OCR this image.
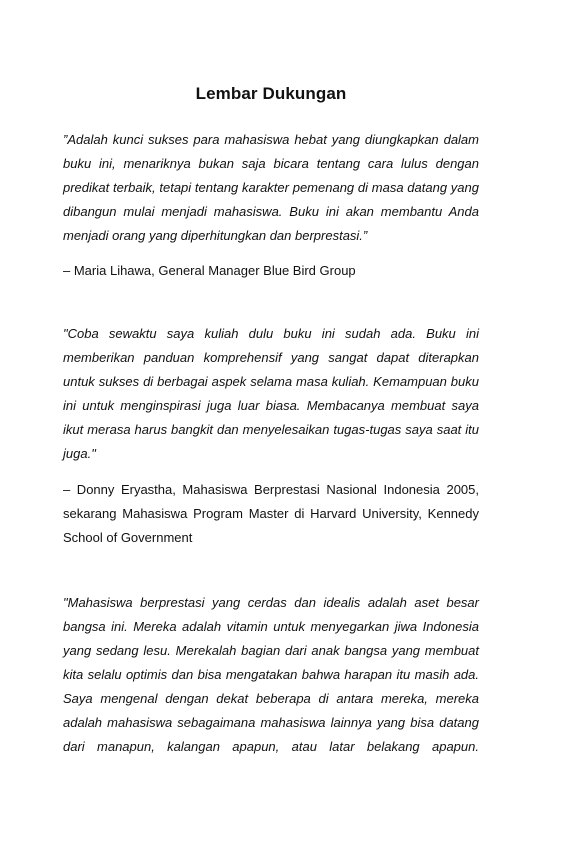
Lembar Dukungan

”Adalah kunci sukses para mahasiswa hebat yang diungkapkan dalam buku ini, menariknya bukan saja bicara tentang cara lulus dengan predikat terbaik, tetapi tentang karakter pemenang di masa datang yang dibangun mulai menjadi mahasiswa. Buku ini akan membantu Anda menjadi orang yang diperhitungkan dan berprestasi.”

– Maria Lihawa, General Manager Blue Bird Group

"Coba sewaktu saya kuliah dulu buku ini sudah ada. Buku ini memberikan panduan komprehensif yang sangat dapat diterapkan untuk sukses di berbagai aspek selama masa kuliah. Kemampuan buku ini untuk menginspirasi juga luar biasa. Membacanya membuat saya ikut merasa harus bangkit dan menyelesaikan tugas-tugas saya saat itu juga."

– Donny Eryastha, Mahasiswa Berprestasi Nasional Indonesia 2005, sekarang Mahasiswa Program Master di Harvard University, Kennedy School of Government

"Mahasiswa berprestasi yang cerdas dan idealis adalah aset besar bangsa ini. Mereka adalah vitamin untuk menyegarkan jiwa Indonesia yang sedang lesu. Merekalah bagian dari anak bangsa yang membuat kita selalu optimis dan bisa mengatakan bahwa harapan itu masih ada. Saya mengenal dengan dekat beberapa di antara mereka, mereka adalah mahasiswa sebagaimana mahasiswa lainnya yang bisa datang dari manapun, kalangan apapun, atau latar belakang apapun.
